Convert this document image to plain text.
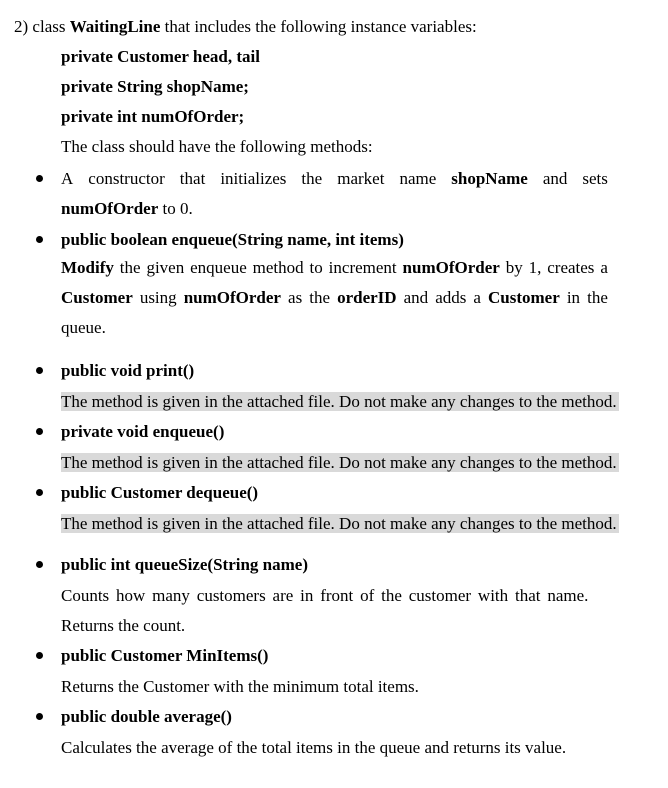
2) class WaitingLine that includes the following instance variables:
private Customer head, tail
private String shopName;
private int numOfOrder;
The class should have the following methods:
A constructor that initializes the market name shopName and sets
numOfOrder to 0.
public boolean enqueue(String name, int items)
Modify the given enqueue method to increment numOfOrder by 1, creates a
Customer using numOfOrder as the orderID and adds a Customer in the
queue.
public void print()
The method is given in the attached file. Do not make any changes to the method.
private void enqueue()
The method is given in the attached file. Do not make any changes to the method.
public Customer dequeue()
The method is given in the attached file. Do not make any changes to the method.
public int queueSize(String name)
Counts how many customers are in front of the customer with that name.
Returns the count.
public Customer MinItems()
Returns the Customer with the minimum total items.
public double average()
Calculates the average of the total items in the queue and returns its value.
